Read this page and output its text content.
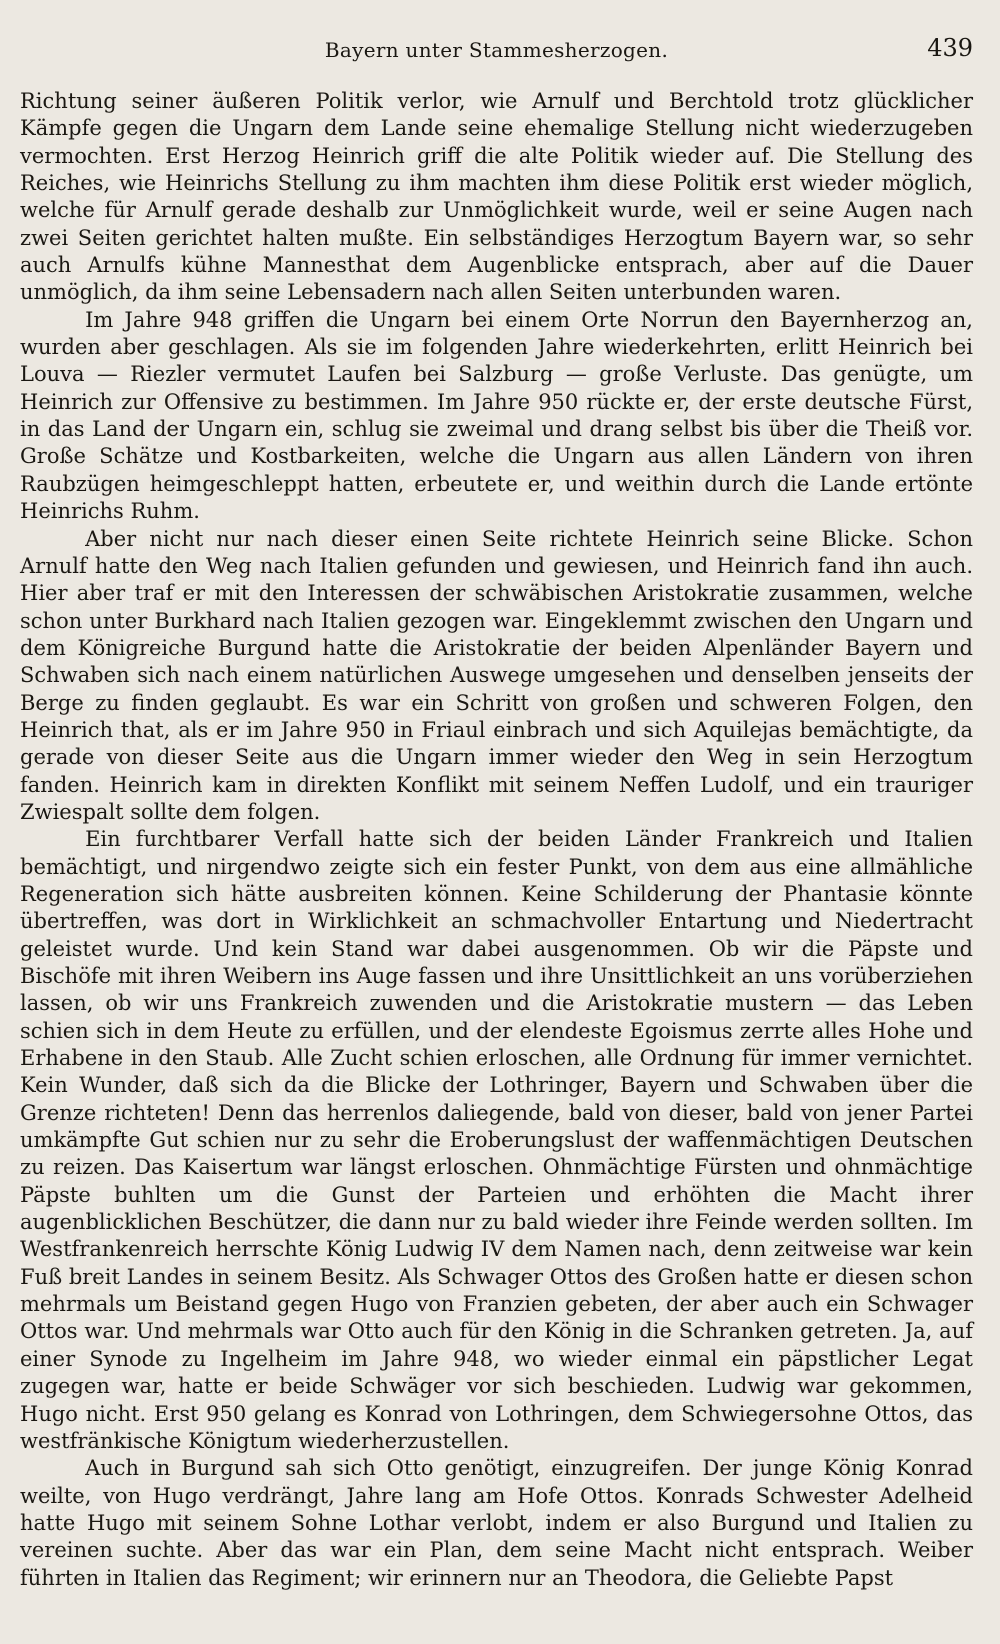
Bayern unter Stammesherzogen.	439

Richtung seiner äußeren Politik verlor, wie Arnulf und Berchtold trotz glücklicher Kämpfe gegen die Ungarn dem Lande seine ehemalige Stellung nicht wiederzugeben vermochten. Erst Herzog Heinrich griff die alte Politik wieder auf. Die Stellung des Reiches, wie Heinrichs Stellung zu ihm machten ihm diese Politik erst wieder möglich, welche für Arnulf gerade deshalb zur Unmöglichkeit wurde, weil er seine Augen nach zwei Seiten gerichtet halten mußte. Ein selbständiges Herzogtum Bayern war, so sehr auch Arnulfs kühne Mannesthat dem Augenblicke entsprach, aber auf die Dauer unmöglich, da ihm seine Lebensadern nach allen Seiten unterbunden waren.

Im Jahre 948 griffen die Ungarn bei einem Orte Norrun den Bayernherzog an, wurden aber geschlagen. Als sie im folgenden Jahre wiederkehrten, erlitt Heinrich bei Louva — Riezler vermutet Laufen bei Salzburg — große Verluste. Das genügte, um Heinrich zur Offensive zu bestimmen. Im Jahre 950 rückte er, der erste deutsche Fürst, in das Land der Ungarn ein, schlug sie zweimal und drang selbst bis über die Theiß vor. Große Schätze und Kostbarkeiten, welche die Ungarn aus allen Ländern von ihren Raubzügen heimgeschleppt hatten, erbeutete er, und weithin durch die Lande ertönte Heinrichs Ruhm.

Aber nicht nur nach dieser einen Seite richtete Heinrich seine Blicke. Schon Arnulf hatte den Weg nach Italien gefunden und gewiesen, und Heinrich fand ihn auch. Hier aber traf er mit den Interessen der schwäbischen Aristokratie zusammen, welche schon unter Burkhard nach Italien gezogen war. Eingeklemmt zwischen den Ungarn und dem Königreiche Burgund hatte die Aristokratie der beiden Alpenländer Bayern und Schwaben sich nach einem natürlichen Auswege umgesehen und denselben jenseits der Berge zu finden geglaubt. Es war ein Schritt von großen und schweren Folgen, den Heinrich that, als er im Jahre 950 in Friaul einbrach und sich Aquilejas bemächtigte, da gerade von dieser Seite aus die Ungarn immer wieder den Weg in sein Herzogtum fanden. Heinrich kam in direkten Konflikt mit seinem Neffen Ludolf, und ein trauriger Zwiespalt sollte dem folgen.

Ein furchtbarer Verfall hatte sich der beiden Länder Frankreich und Italien bemächtigt, und nirgendwo zeigte sich ein fester Punkt, von dem aus eine allmähliche Regeneration sich hätte ausbreiten können. Keine Schilderung der Phantasie könnte übertreffen, was dort in Wirklichkeit an schmachvoller Entartung und Niedertracht geleistet wurde. Und kein Stand war dabei ausgenommen. Ob wir die Päpste und Bischöfe mit ihren Weibern ins Auge fassen und ihre Unsittlichkeit an uns vorüberziehen lassen, ob wir uns Frankreich zuwenden und die Aristokratie mustern — das Leben schien sich in dem Heute zu erfüllen, und der elendeste Egoismus zerrte alles Hohe und Erhabene in den Staub. Alle Zucht schien erloschen, alle Ordnung für immer vernichtet. Kein Wunder, daß sich da die Blicke der Lothringer, Bayern und Schwaben über die Grenze richteten! Denn das herrenlos daliegende, bald von dieser, bald von jener Partei umkämpfte Gut schien nur zu sehr die Eroberungslust der waffenmächtigen Deutschen zu reizen. Das Kaisertum war längst erloschen. Ohnmächtige Fürsten und ohnmächtige Päpste buhlten um die Gunst der Parteien und erhöhten die Macht ihrer augenblicklichen Beschützer, die dann nur zu bald wieder ihre Feinde werden sollten. Im Westfrankenreich herrschte König Ludwig IV dem Namen nach, denn zeitweise war kein Fuß breit Landes in seinem Besitz. Als Schwager Ottos des Großen hatte er diesen schon mehrmals um Beistand gegen Hugo von Franzien gebeten, der aber auch ein Schwager Ottos war. Und mehrmals war Otto auch für den König in die Schranken getreten. Ja, auf einer Synode zu Ingelheim im Jahre 948, wo wieder einmal ein päpstlicher Legat zugegen war, hatte er beide Schwäger vor sich beschieden. Ludwig war gekommen, Hugo nicht. Erst 950 gelang es Konrad von Lothringen, dem Schwiegersohne Ottos, das westfränkische Königtum wiederherzustellen.

Auch in Burgund sah sich Otto genötigt, einzugreifen. Der junge König Konrad weilte, von Hugo verdrängt, Jahre lang am Hofe Ottos. Konrads Schwester Adelheid hatte Hugo mit seinem Sohne Lothar verlobt, indem er also Burgund und Italien zu vereinen suchte. Aber das war ein Plan, dem seine Macht nicht entsprach. Weiber führten in Italien das Regiment; wir erinnern nur an Theodora, die Geliebte Papst
